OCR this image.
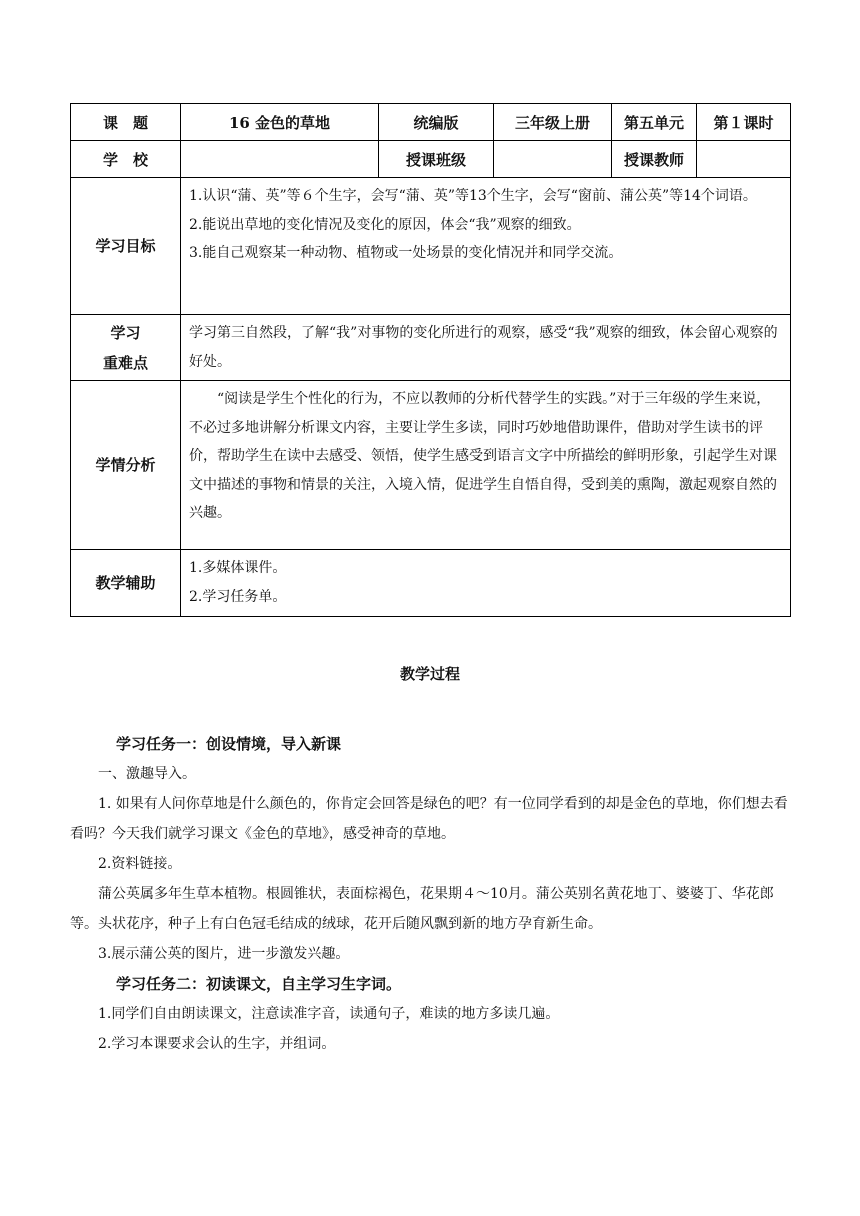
课　题	16 金色的草地	统编版	三年级上册	第五单元	第１课时
学　校		授课班级		授课教师	
学习目标	1.认识“蒲、英”等６个生字，会写“蒲、英”等13个生字，会写“窗前、蒲公英”等14个词语。

2.能说出草地的变化情况及变化的原因，体会“我”观察的细致。

3.能自己观察某一种动物、植物或一处场景的变化情况并和同学交流。				

学习
重难点	学习第三自然段，了解“我”对事物的变化所进行的观察，感受“我”观察的细致，体会留心观察的好处。				

学情分析	“阅读是学生个性化的行为，不应以教师的分析代替学生的实践。”对于三年级的学生来说，不必过多地讲解分析课文内容，主要让学生多读，同时巧妙地借助课件，借助对学生读书的评价，帮助学生在读中去感受、领悟，使学生感受到语言文字中所描绘的鲜明形象，引起学生对课文中描述的事物和情景的关注，入境入情，促进学生自悟自得，受到美的熏陶，激起观察自然的兴趣。				

教学辅助	1.多媒体课件。

2.学习任务单。				

教学过程

学习任务一：创设情境，导入新课

一、激趣导入。

1. 如果有人问你草地是什么颜色的，你肯定会回答是绿色的吧？有一位同学看到的却是金色的草地，你们想去看看吗？今天我们就学习课文《金色的草地》，感受神奇的草地。

2.资料链接。

蒲公英属多年生草本植物。根圆锥状，表面棕褐色，花果期４～10月。蒲公英别名黄花地丁、婆婆丁、华花郎等。头状花序，种子上有白色冠毛结成的绒球，花开后随风飘到新的地方孕育新生命。

3.展示蒲公英的图片，进一步激发兴趣。

学习任务二：初读课文，自主学习生字词。

1.同学们自由朗读课文，注意读准字音，读通句子，难读的地方多读几遍。

2.学习本课要求会认的生字，并组词。
